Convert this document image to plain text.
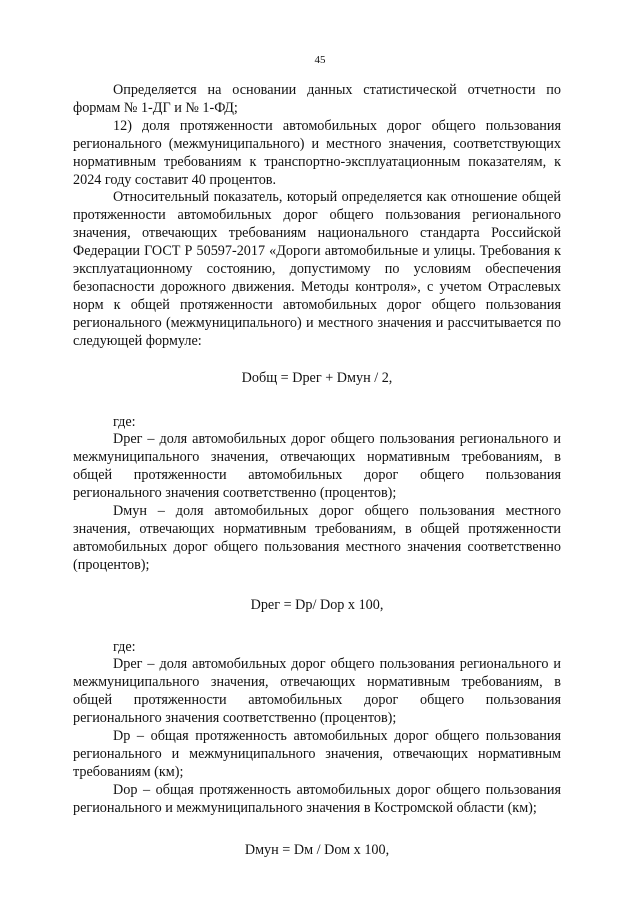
45

Определяется на основании данных статистической отчетности по формам № 1-ДГ и № 1-ФД;

12) доля протяженности автомобильных дорог общего пользования регионального (межмуниципального) и местного значения, соответствующих нормативным требованиям к транспортно-эксплуатационным показателям, к 2024 году составит 40 процентов.

Относительный показатель, который определяется как отношение общей протяженности автомобильных дорог общего пользования регионального значения, отвечающих требованиям национального стандарта Российской Федерации ГОСТ Р 50597-2017 «Дороги автомобильные и улицы. Требования к эксплуатационному состоянию, допустимому по условиям обеспечения безопасности дорожного движения. Методы контроля», с учетом Отраслевых норм к общей протяженности автомобильных дорог общего пользования регионального (межмуниципального) и местного значения и рассчитывается по следующей формуле:

Dобщ = Dрег + Dмун / 2,

где:

Dрег – доля автомобильных дорог общего пользования регионального и межмуниципального значения, отвечающих нормативным требованиям, в общей протяженности автомобильных дорог общего пользования регионального значения соответственно (процентов);

Dмун – доля автомобильных дорог общего пользования местного значения, отвечающих нормативным требованиям, в общей протяженности автомобильных дорог общего пользования местного значения соответственно (процентов);

Dрег = Dр/ Dор х 100,

где:

Dрег – доля автомобильных дорог общего пользования регионального и межмуниципального значения, отвечающих нормативным требованиям, в общей протяженности автомобильных дорог общего пользования регионального значения соответственно (процентов);

Dр – общая протяженность автомобильных дорог общего пользования регионального и межмуниципального значения, отвечающих нормативным требованиям (км);

Dор – общая протяженность автомобильных дорог общего пользования регионального и межмуниципального значения в Костромской области (км);

Dмун = Dм / Dом х 100,
